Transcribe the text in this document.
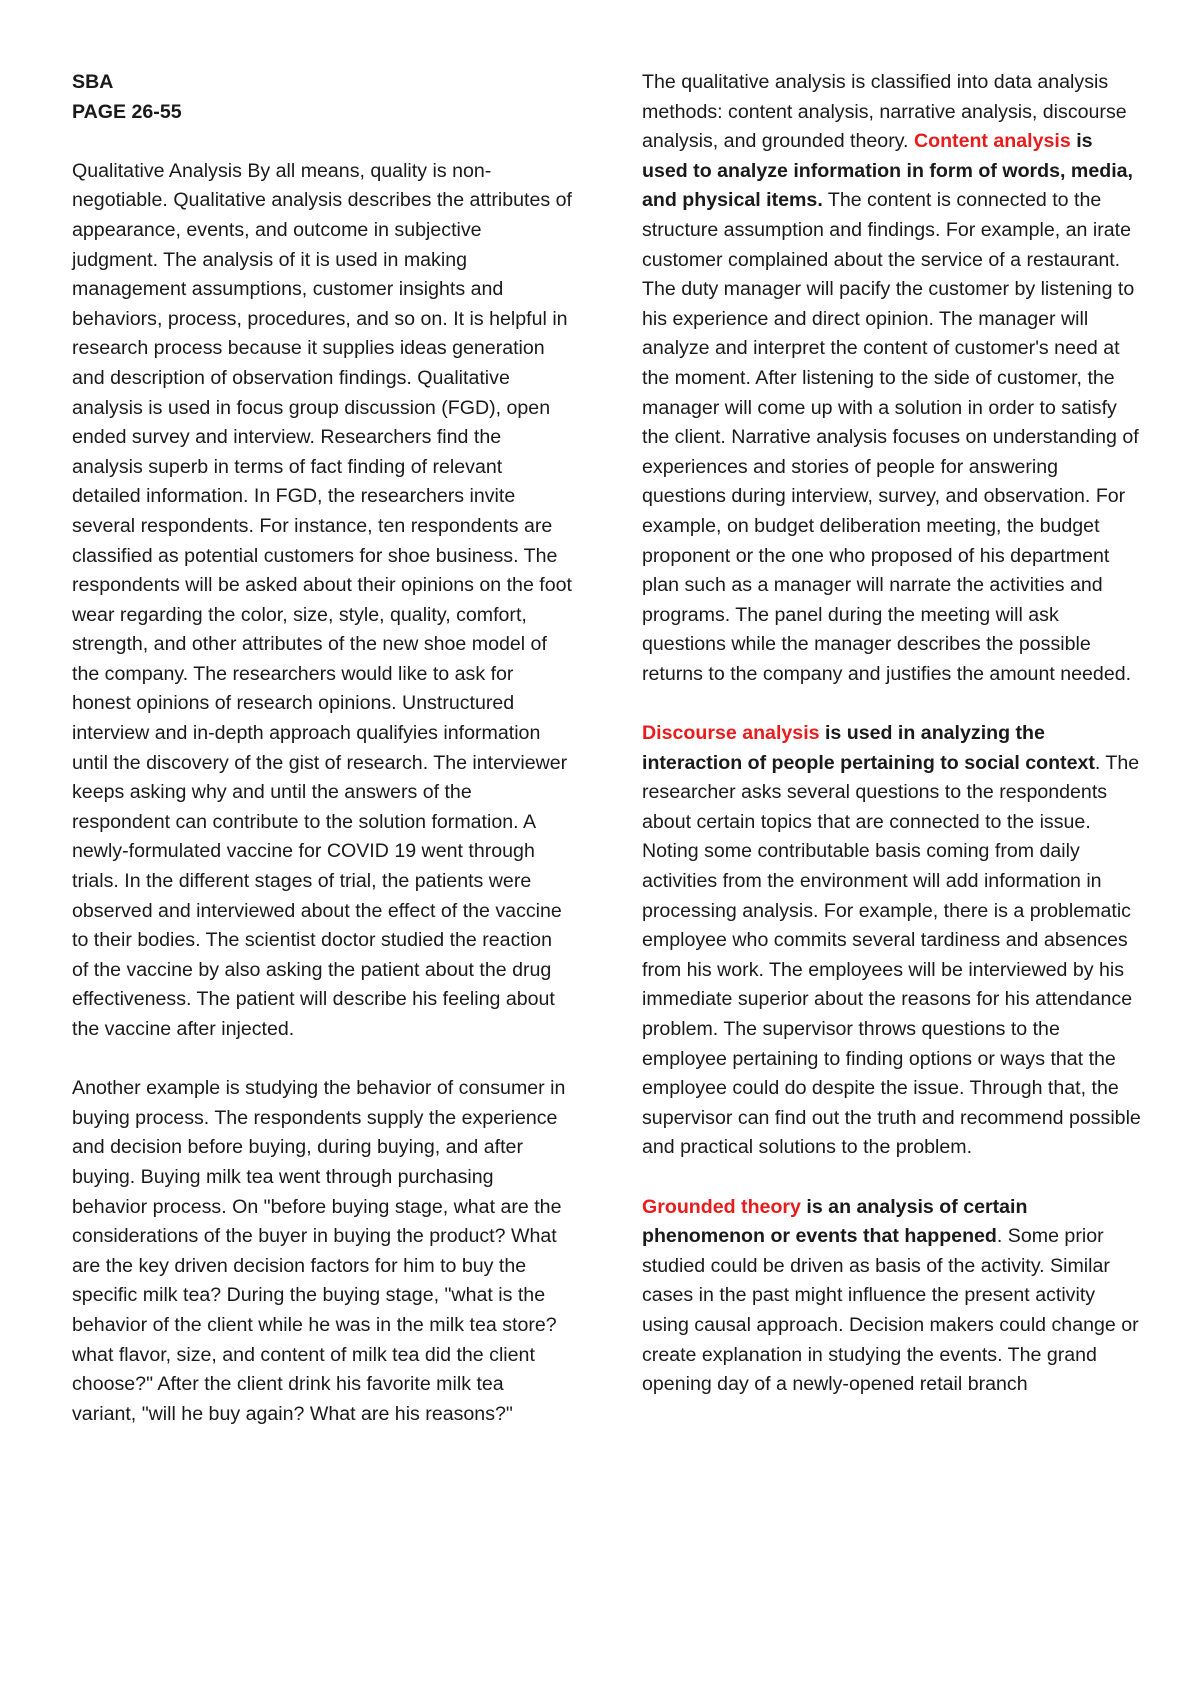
SBA

PAGE 26-55

Qualitative Analysis By all means, quality is non-negotiable. Qualitative analysis describes the attributes of appearance, events, and outcome in subjective judgment. The analysis of it is used in making management assumptions, customer insights and behaviors, process, procedures, and so on. It is helpful in research process because it supplies ideas generation and description of observation findings. Qualitative analysis is used in focus group discussion (FGD), open ended survey and interview. Researchers find the analysis superb in terms of fact finding of relevant detailed information. In FGD, the researchers invite several respondents. For instance, ten respondents are classified as potential customers for shoe business. The respondents will be asked about their opinions on the foot wear regarding the color, size, style, quality, comfort, strength, and other attributes of the new shoe model of the company. The researchers would like to ask for honest opinions of research opinions. Unstructured interview and in-depth approach qualifyies information until the discovery of the gist of research. The interviewer keeps asking why and until the answers of the respondent can contribute to the solution formation. A newly-formulated vaccine for COVID 19 went through trials. In the different stages of trial, the patients were observed and interviewed about the effect of the vaccine to their bodies. The scientist doctor studied the reaction of the vaccine by also asking the patient about the drug effectiveness. The patient will describe his feeling about the vaccine after injected.

Another example is studying the behavior of consumer in buying process. The respondents supply the experience and decision before buying, during buying, and after buying. Buying milk tea went through purchasing behavior process. On "before buying stage, what are the considerations of the buyer in buying the product? What are the key driven decision factors for him to buy the specific milk tea? During the buying stage, "what is the behavior of the client while he was in the milk tea store? what flavor, size, and content of milk tea did the client choose?" After the client drink his favorite milk tea variant, "will he buy again? What are his reasons?"

The qualitative analysis is classified into data analysis methods: content analysis, narrative analysis, discourse analysis, and grounded theory. Content analysis is used to analyze information in form of words, media, and physical items. The content is connected to the structure assumption and findings. For example, an irate customer complained about the service of a restaurant. The duty manager will pacify the customer by listening to his experience and direct opinion. The manager will analyze and interpret the content of customer's need at the moment. After listening to the side of customer, the manager will come up with a solution in order to satisfy the client. Narrative analysis focuses on understanding of experiences and stories of people for answering questions during interview, survey, and observation. For example, on budget deliberation meeting, the budget proponent or the one who proposed of his department plan such as a manager will narrate the activities and programs. The panel during the meeting will ask questions while the manager describes the possible returns to the company and justifies the amount needed.

Discourse analysis is used in analyzing the interaction of people pertaining to social context. The researcher asks several questions to the respondents about certain topics that are connected to the issue. Noting some contributable basis coming from daily activities from the environment will add information in processing analysis. For example, there is a problematic employee who commits several tardiness and absences from his work. The employees will be interviewed by his immediate superior about the reasons for his attendance problem. The supervisor throws questions to the employee pertaining to finding options or ways that the employee could do despite the issue. Through that, the supervisor can find out the truth and recommend possible and practical solutions to the problem.

Grounded theory is an analysis of certain phenomenon or events that happened. Some prior studied could be driven as basis of the activity. Similar cases in the past might influence the present activity using causal approach. Decision makers could change or create explanation in studying the events. The grand opening day of a newly-opened retail branch
